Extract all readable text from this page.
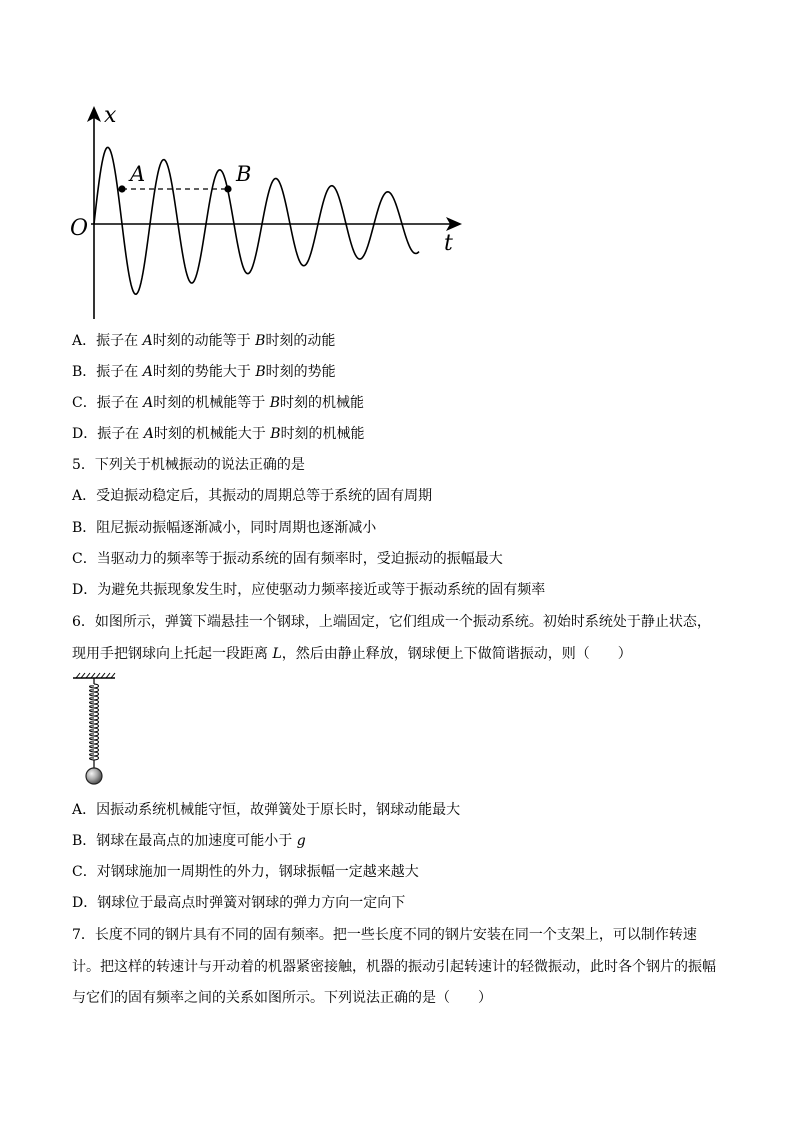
x
t
O
A	B
A．振子在 A时刻的动能等于 B时刻的动能
B．振子在 A时刻的势能大于 B时刻的势能
C．振子在 A时刻的机械能等于 B时刻的机械能
D．振子在 A时刻的机械能大于 B时刻的机械能
5．下列关于机械振动的说法正确的是
A．受迫振动稳定后，其振动的周期总等于系统的固有周期
B．阻尼振动振幅逐渐减小，同时周期也逐渐减小
C．当驱动力的频率等于振动系统的固有频率时，受迫振动的振幅最大
D．为避免共振现象发生时，应使驱动力频率接近或等于振动系统的固有频率
6．如图所示，弹簧下端悬挂一个钢球，上端固定，它们组成一个振动系统。初始时系统处于静止状态，
现用手把钢球向上托起一段距离 L，然后由静止释放，钢球便上下做简谐振动，则（　　）
A．因振动系统机械能守恒，故弹簧处于原长时，钢球动能最大
B．钢球在最高点的加速度可能小于 g
C．对钢球施加一周期性的外力，钢球振幅一定越来越大
D．钢球位于最高点时弹簧对钢球的弹力方向一定向下
7．长度不同的钢片具有不同的固有频率。把一些长度不同的钢片安装在同一个支架上，可以制作转速
计。把这样的转速计与开动着的机器紧密接触，机器的振动引起转速计的轻微振动，此时各个钢片的振幅
与它们的固有频率之间的关系如图所示。下列说法正确的是（　　）
